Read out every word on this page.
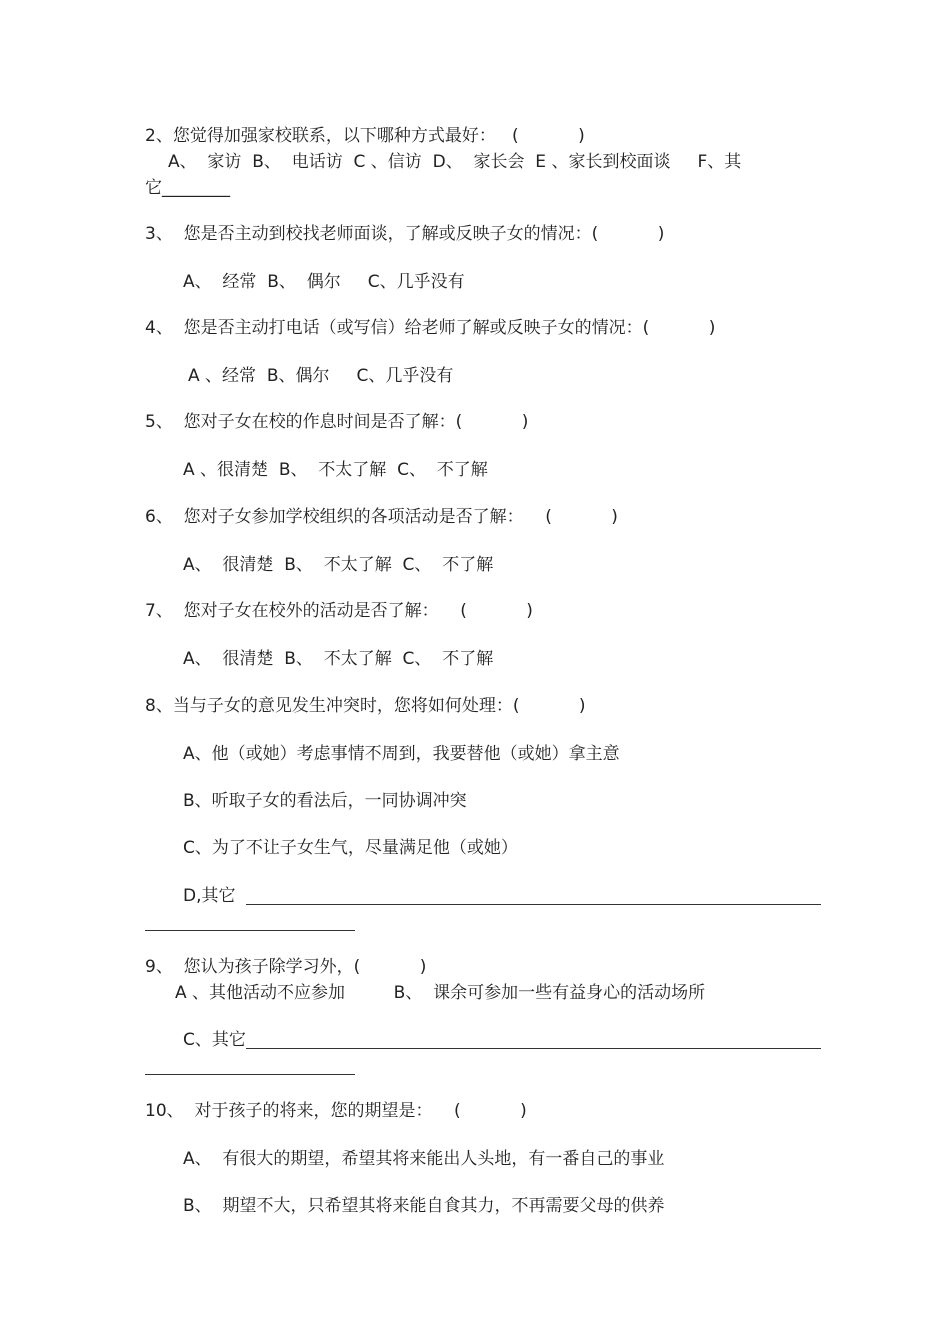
2、您觉得加强家校联系，以下哪种方式最好：   (           )
A、  家访  B、  电话访  C 、信访  D、  家长会  E 、家长到校面谈     F、其
它________
3、  您是否主动到校找老师面谈，了解或反映子女的情况：(           )
A、  经常  B、  偶尔     C、几乎没有
4、  您是否主动打电话（或写信）给老师了解或反映子女的情况：(           )
A 、经常  B、偶尔     C、几乎没有
5、  您对子女在校的作息时间是否了解：(           )
A 、很清楚  B、  不太了解  C、  不了解
6、  您对子女参加学校组织的各项活动是否了解：    (           )
A、  很清楚  B、  不太了解  C、  不了解
7、  您对子女在校外的活动是否了解：    (           )
A、  很清楚  B、  不太了解  C、  不了解
8、当与子女的意见发生冲突时，您将如何处理：(           )
A、他（或她）考虑事情不周到，我要替他（或她）拿主意
B、听取子女的看法后，一同协调冲突
C、为了不让子女生气，尽量满足他（或她）
D,其它
9、  您认为孩子除学习外，(           )
A 、其他活动不应参加         B、  课余可参加一些有益身心的活动场所
C、其它
10、  对于孩子的将来，您的期望是：    (           )
A、  有很大的期望，希望其将来能出人头地，有一番自己的事业
B、  期望不大，只希望其将来能自食其力，不再需要父母的供养
